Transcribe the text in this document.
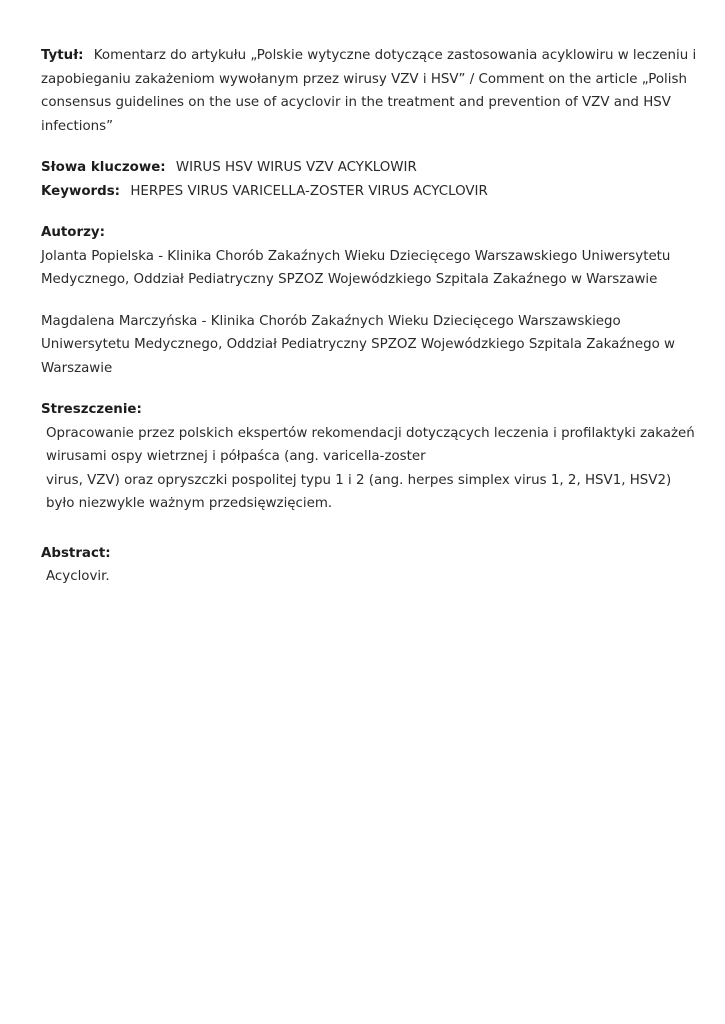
Tytuł: Komentarz do artykułu „Polskie wytyczne dotyczące zastosowania acyklowiru w leczeniu i
zapobieganiu zakażeniom wywołanym przez wirusy VZV i HSV” / Comment on the article „Polish
consensus guidelines on the use of acyclovir in the treatment and prevention of VZV and HSV
infections”
Słowa kluczowe: WIRUS HSV WIRUS VZV ACYKLOWIR
Keywords: HERPES VIRUS VARICELLA-ZOSTER VIRUS ACYCLOVIR
Autorzy:
Jolanta Popielska - Klinika Chorób Zakaźnych Wieku Dziecięcego Warszawskiego Uniwersytetu
Medycznego, Oddział Pediatryczny SPZOZ Wojewódzkiego Szpitala Zakaźnego w Warszawie
Magdalena Marczyńska - Klinika Chorób Zakaźnych Wieku Dziecięcego Warszawskiego
Uniwersytetu Medycznego, Oddział Pediatryczny SPZOZ Wojewódzkiego Szpitala Zakaźnego w
Warszawie
Streszczenie:
Opracowanie przez polskich ekspertów rekomendacji dotyczących leczenia i profilaktyki zakażeń
wirusami ospy wietrznej i półpaśca (ang. varicella-zoster
virus, VZV) oraz opryszczki pospolitej typu 1 i 2 (ang. herpes simplex virus 1, 2, HSV1, HSV2)
było niezwykle ważnym przedsięwzięciem.
Abstract:
Acyclovir.
